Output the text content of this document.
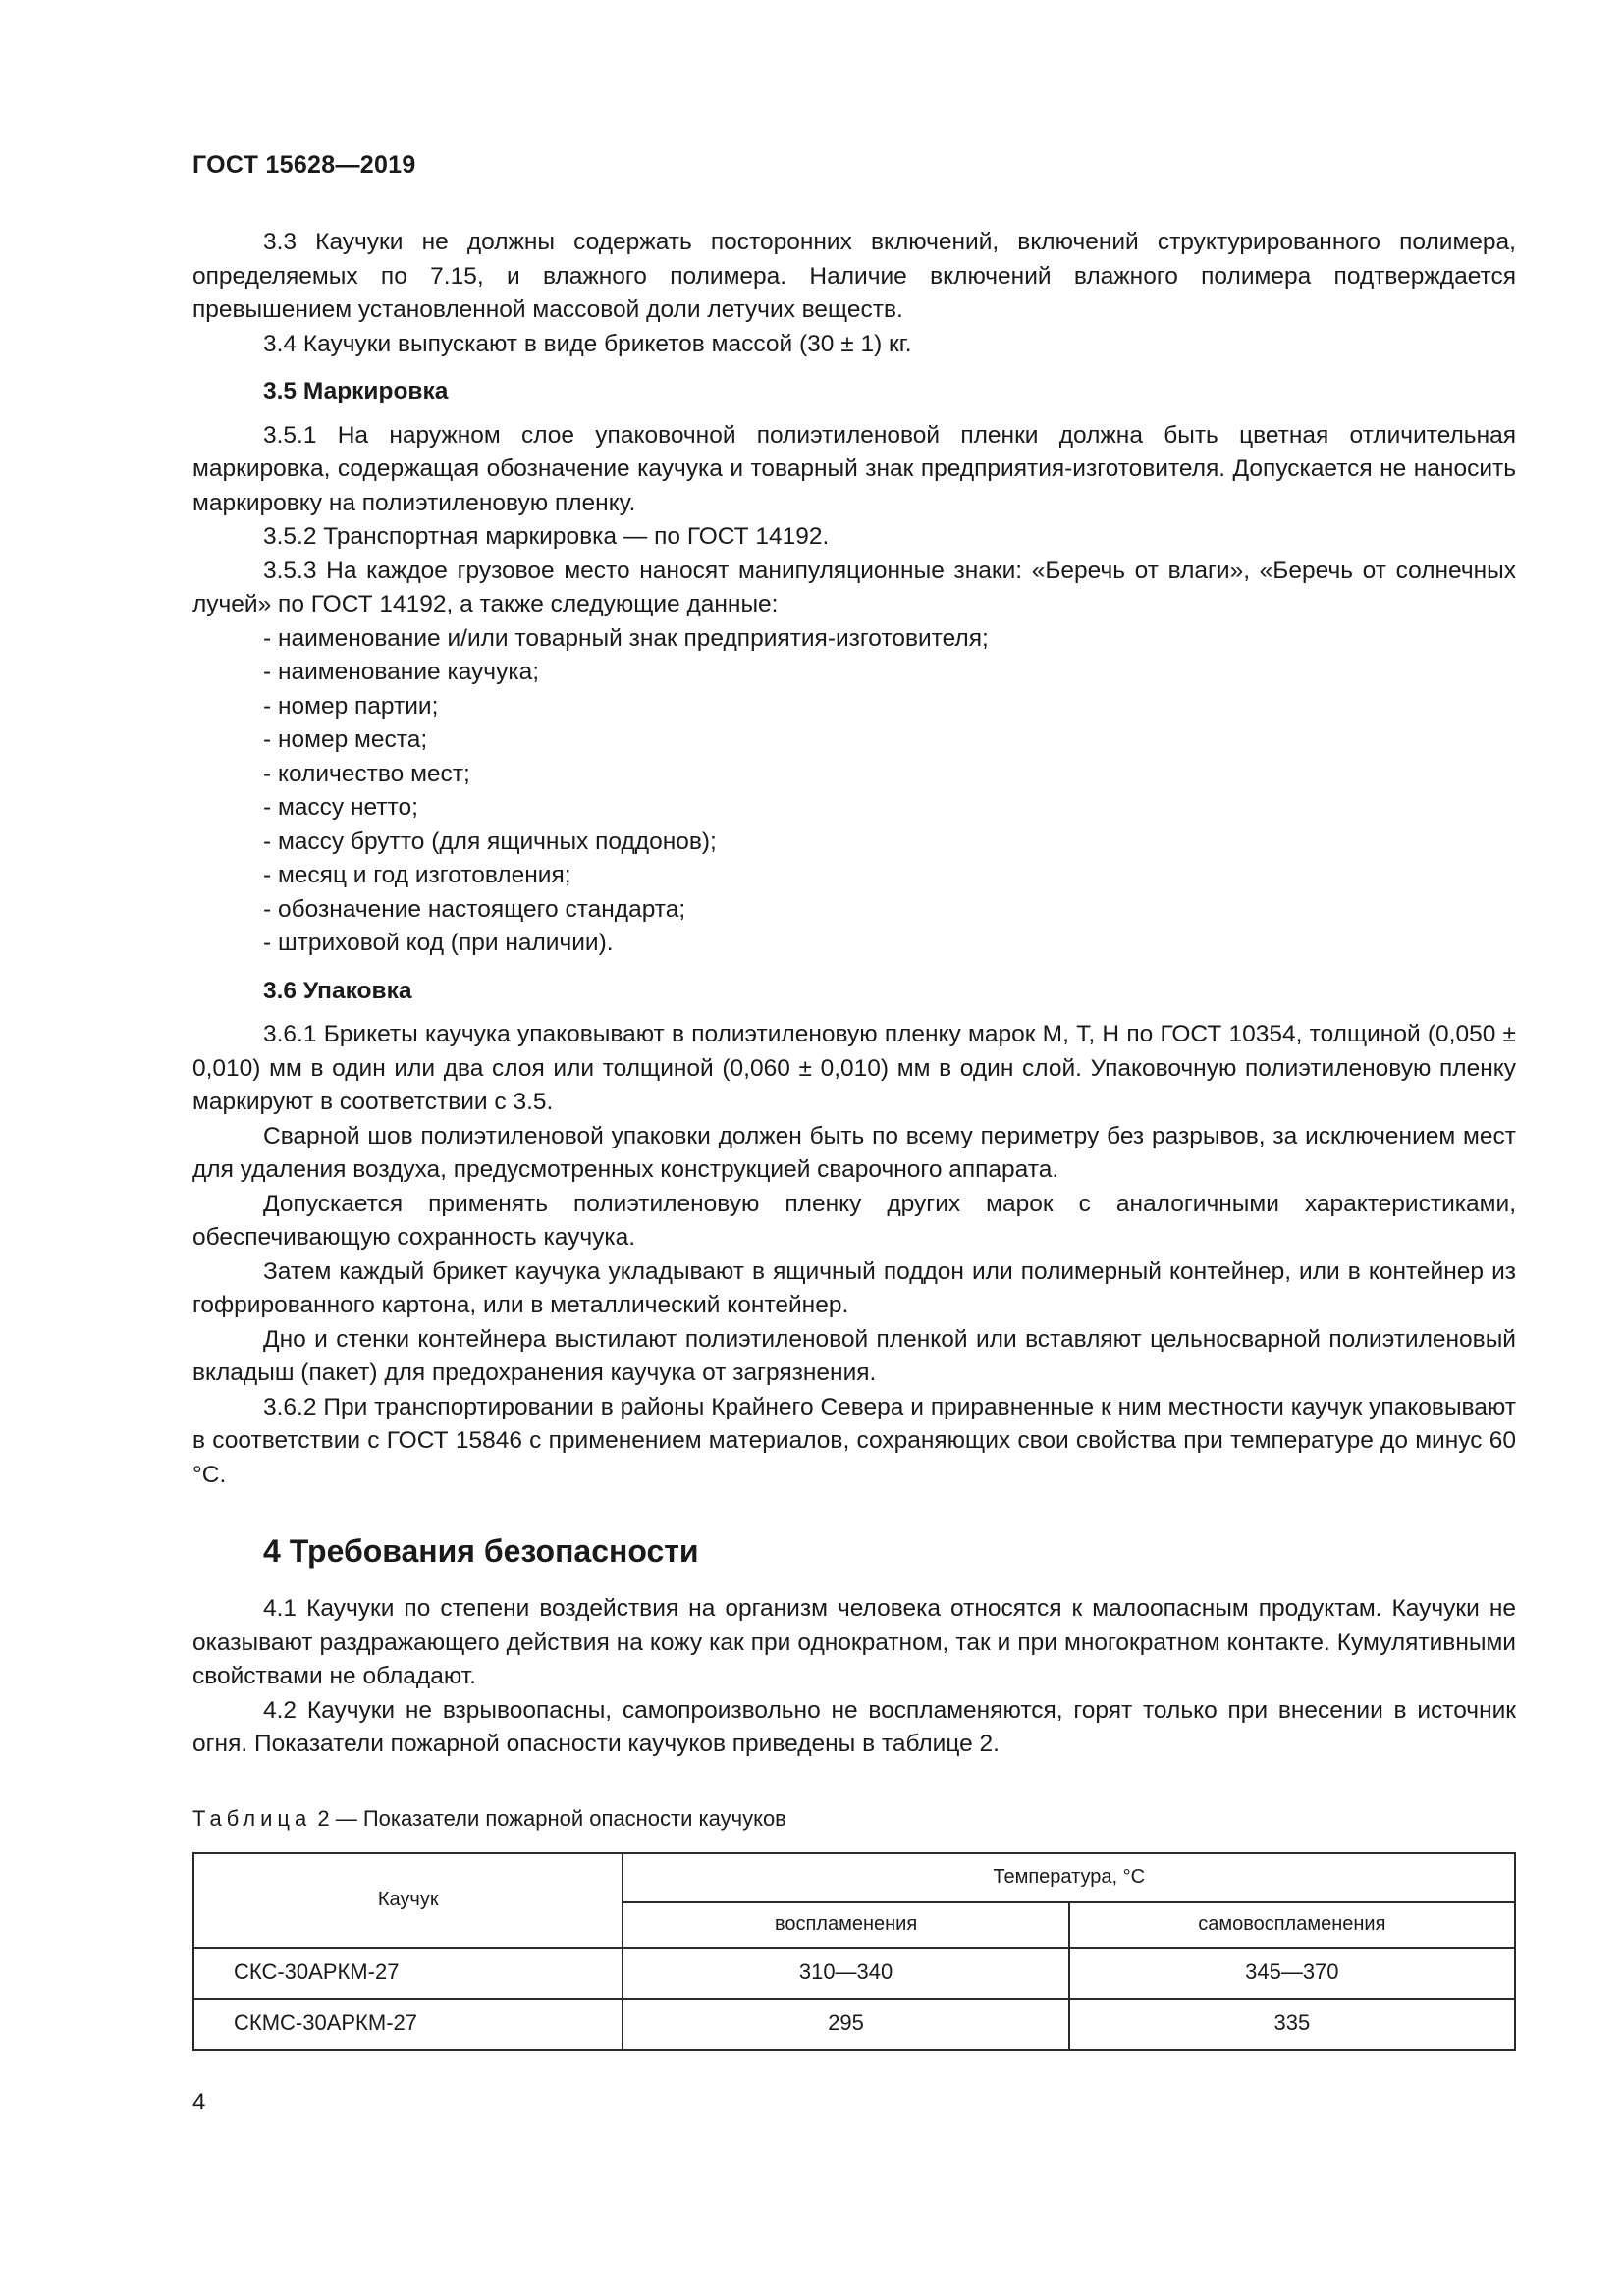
ГОСТ 15628—2019

3.3 Каучуки не должны содержать посторонних включений, включений структурированного полимера, определяемых по 7.15, и влажного полимера. Наличие включений влажного полимера подтверждается превышением установленной массовой доли летучих веществ.

3.4 Каучуки выпускают в виде брикетов массой (30 ± 1) кг.

3.5 Маркировка

3.5.1 На наружном слое упаковочной полиэтиленовой пленки должна быть цветная отличительная маркировка, содержащая обозначение каучука и товарный знак предприятия-изготовителя. Допускается не наносить маркировку на полиэтиленовую пленку.

3.5.2 Транспортная маркировка — по ГОСТ 14192.

3.5.3 На каждое грузовое место наносят манипуляционные знаки: «Беречь от влаги», «Беречь от солнечных лучей» по ГОСТ 14192, а также следующие данные:

- наименование и/или товарный знак предприятия-изготовителя;

- наименование каучука;

- номер партии;

- номер места;

- количество мест;

- массу нетто;

- массу брутто (для ящичных поддонов);

- месяц и год изготовления;

- обозначение настоящего стандарта;

- штриховой код (при наличии).

3.6 Упаковка

3.6.1 Брикеты каучука упаковывают в полиэтиленовую пленку марок М, Т, Н по ГОСТ 10354, толщиной (0,050 ± 0,010) мм в один или два слоя или толщиной (0,060 ± 0,010) мм в один слой. Упаковочную полиэтиленовую пленку маркируют в соответствии с 3.5.

Сварной шов полиэтиленовой упаковки должен быть по всему периметру без разрывов, за исключением мест для удаления воздуха, предусмотренных конструкцией сварочного аппарата.

Допускается применять полиэтиленовую пленку других марок с аналогичными характеристиками, обеспечивающую сохранность каучука.

Затем каждый брикет каучука укладывают в ящичный поддон или полимерный контейнер, или в контейнер из гофрированного картона, или в металлический контейнер.

Дно и стенки контейнера выстилают полиэтиленовой пленкой или вставляют цельносварной полиэтиленовый вкладыш (пакет) для предохранения каучука от загрязнения.

3.6.2 При транспортировании в районы Крайнего Севера и приравненные к ним местности каучук упаковывают в соответствии с ГОСТ 15846 с применением материалов, сохраняющих свои свойства при температуре до минус 60 °С.

4 Требования безопасности

4.1 Каучуки по степени воздействия на организм человека относятся к малоопасным продуктам. Каучуки не оказывают раздражающего действия на кожу как при однократном, так и при многократном контакте. Кумулятивными свойствами не обладают.

4.2 Каучуки не взрывоопасны, самопроизвольно не воспламеняются, горят только при внесении в источник огня. Показатели пожарной опасности каучуков приведены в таблице 2.

Таблица 2 — Показатели пожарной опасности каучуков
Каучук	Температура, °С	
	воспламенения	самовоспламенения
СКС-30АРКМ-27	310—340	345—370
СКМС-30АРКМ-27	295	335
4
